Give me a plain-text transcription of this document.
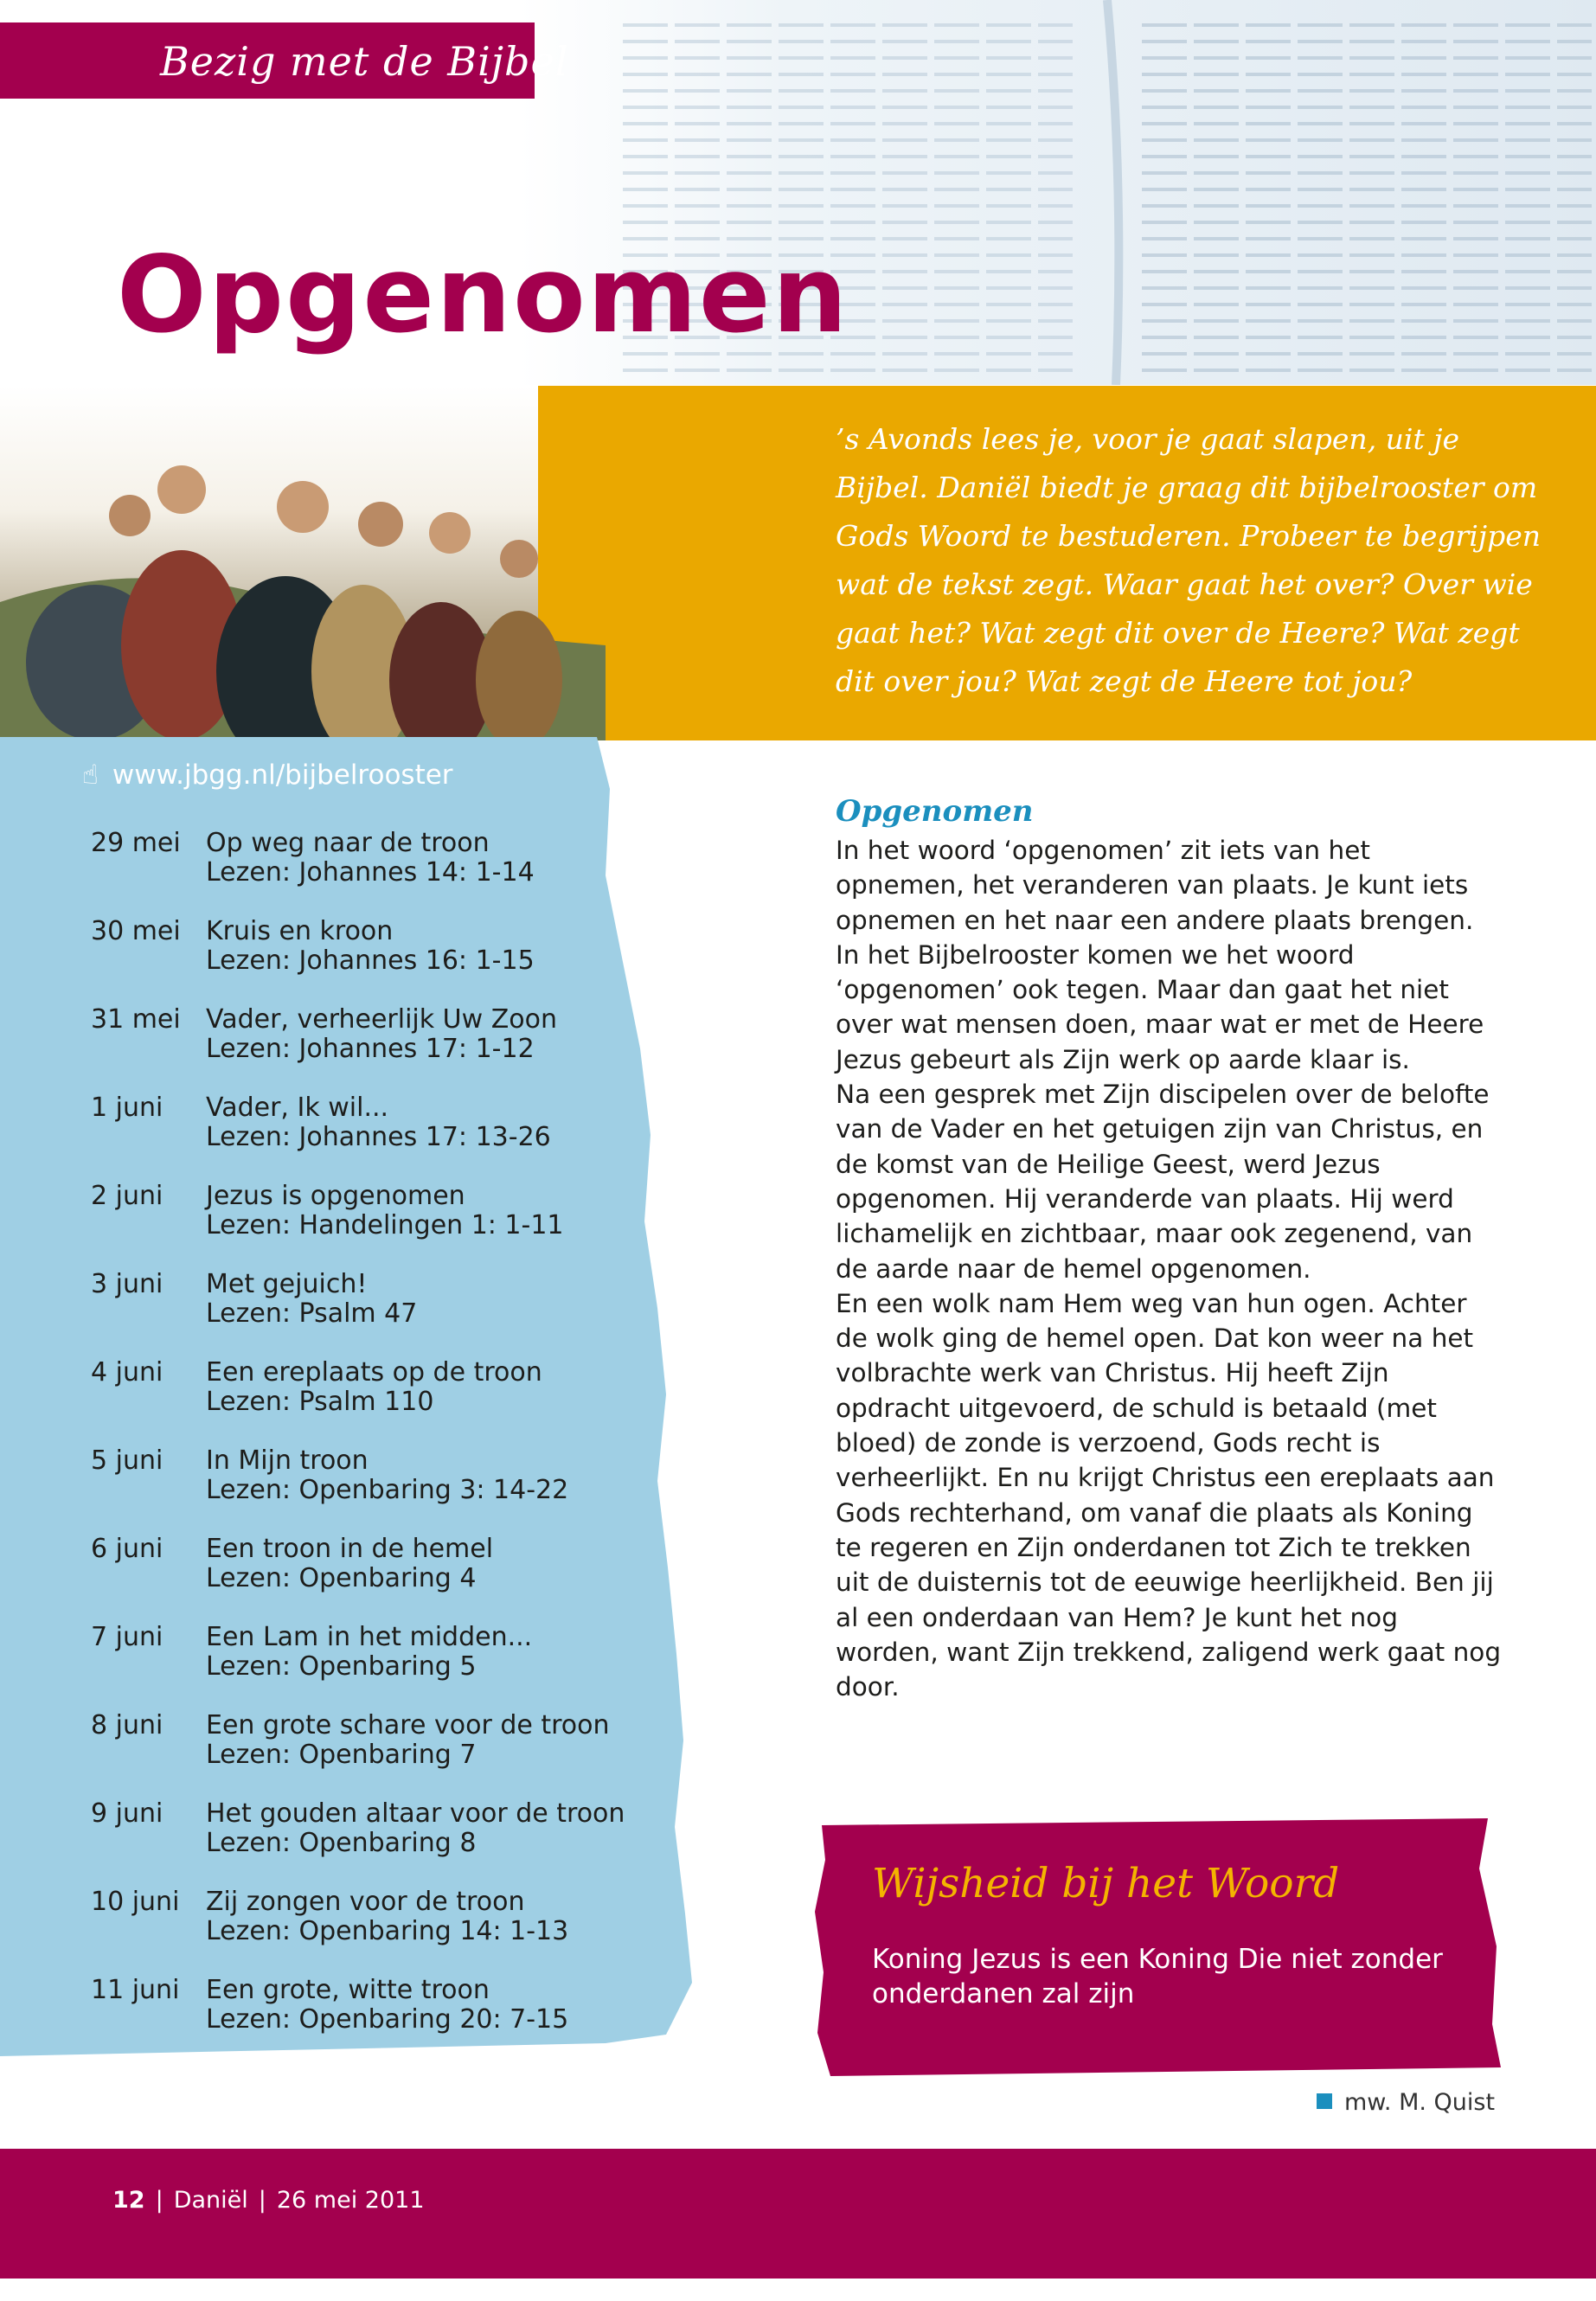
Bezig met de Bijbel
Opgenomen
’s Avonds lees je, voor je gaat slapen, uit je Bijbel. Daniël biedt je graag dit bijbelrooster om Gods Woord te bestuderen. Probeer te begrijpen wat de tekst zegt. Waar gaat het over? Over wie gaat het? Wat zegt dit over de Heere? Wat zegt dit over jou? Wat zegt de Heere tot jou?
☝ www.jbgg.nl/bijbelrooster
29 mei Op weg naar de troon
Lezen: Johannes 14: 1-14
30 mei Kruis en kroon
Lezen: Johannes 16: 1-15
31 mei Vader, verheerlijk Uw Zoon
Lezen: Johannes 17: 1-12
1 juni Vader, Ik wil...
Lezen: Johannes 17: 13-26
2 juni Jezus is opgenomen
Lezen: Handelingen 1: 1-11
3 juni Met gejuich!
Lezen: Psalm 47
4 juni Een ereplaats op de troon
Lezen: Psalm 110
5 juni In Mijn troon
Lezen: Openbaring 3: 14-22
6 juni Een troon in de hemel
Lezen: Openbaring 4
7 juni Een Lam in het midden...
Lezen: Openbaring 5
8 juni Een grote schare voor de troon
Lezen: Openbaring 7
9 juni Het gouden altaar voor de troon
Lezen: Openbaring 8
10 juni Zij zongen voor de troon
Lezen: Openbaring 14: 1-13
11 juni Een grote, witte troon
Lezen: Openbaring 20: 7-15
Opgenomen

In het woord ‘opgenomen’ zit iets van het opnemen, het veranderen van plaats. Je kunt iets opnemen en het naar een andere plaats brengen.

In het Bijbelrooster komen we het woord ‘opgenomen’ ook tegen. Maar dan gaat het niet over wat mensen doen, maar wat er met de Heere Jezus gebeurt als Zijn werk op aarde klaar is.

Na een gesprek met Zijn discipelen over de belofte van de Vader en het getuigen zijn van Christus, en de komst van de Heilige Geest, werd Jezus opgenomen. Hij veranderde van plaats. Hij werd lichamelijk en zichtbaar, maar ook zegenend, van de aarde naar de hemel opgenomen.

En een wolk nam Hem weg van hun ogen. Achter de wolk ging de hemel open. Dat kon weer na het volbrachte werk van Christus. Hij heeft Zijn opdracht uitgevoerd, de schuld is betaald (met bloed) de zonde is verzoend, Gods recht is verheerlijkt. En nu krijgt Christus een ereplaats aan Gods rechterhand, om vanaf die plaats als Koning te regeren en Zijn onderdanen tot Zich te trekken uit de duisternis tot de eeuwige heerlijkheid. Ben jij al een onderdaan van Hem? Je kunt het nog worden, want Zijn trekkend, zaligend werk gaat nog door.

Wijsheid bij het Woord
Koning Jezus is een Koning Die niet zonder onderdanen zal zijn
mw. M. Quist
12 | Daniël | 26 mei 2011
